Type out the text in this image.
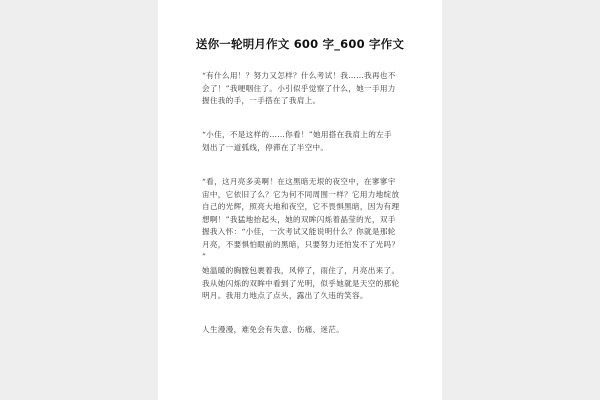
送你一轮明月作文 600 字_600 字作文
“有什么用！？努力又怎样？什么考试！我……我再也不
会了！”我哽咽住了。小引似乎觉察了什么，她一手用力
握住我的手，一手搭在了我肩上。
“小佳，不是这样的……你看！”她用搭在我肩上的左手
划出了一道弧线，停滞在了半空中。
“看，这月亮多美啊！在这黑暗无垠的夜空中，在寥寥宇
宙中，它依旧了么？它为何不同周围一样？它用力地绽放
自己的光辉，照亮大地和夜空，它不畏惧黑暗，因为有理
想啊！”我猛地抬起头，她的双眸闪烁着晶莹的光，双手
握我入怀：“小佳，一次考试又能说明什么？你就是那轮
月亮，不要惧怕眼前的黑暗，只要努力还怕发不了光吗？
”
她温暖的胸膛包裹着我，风停了，雨住了，月亮出来了。
我从她闪烁的双眸中看到了光明，似乎她就是天空的那轮
明月。我用力地点了点头，露出了久违的笑容。
人生漫漫，难免会有失意、伤痛、迷茫。
